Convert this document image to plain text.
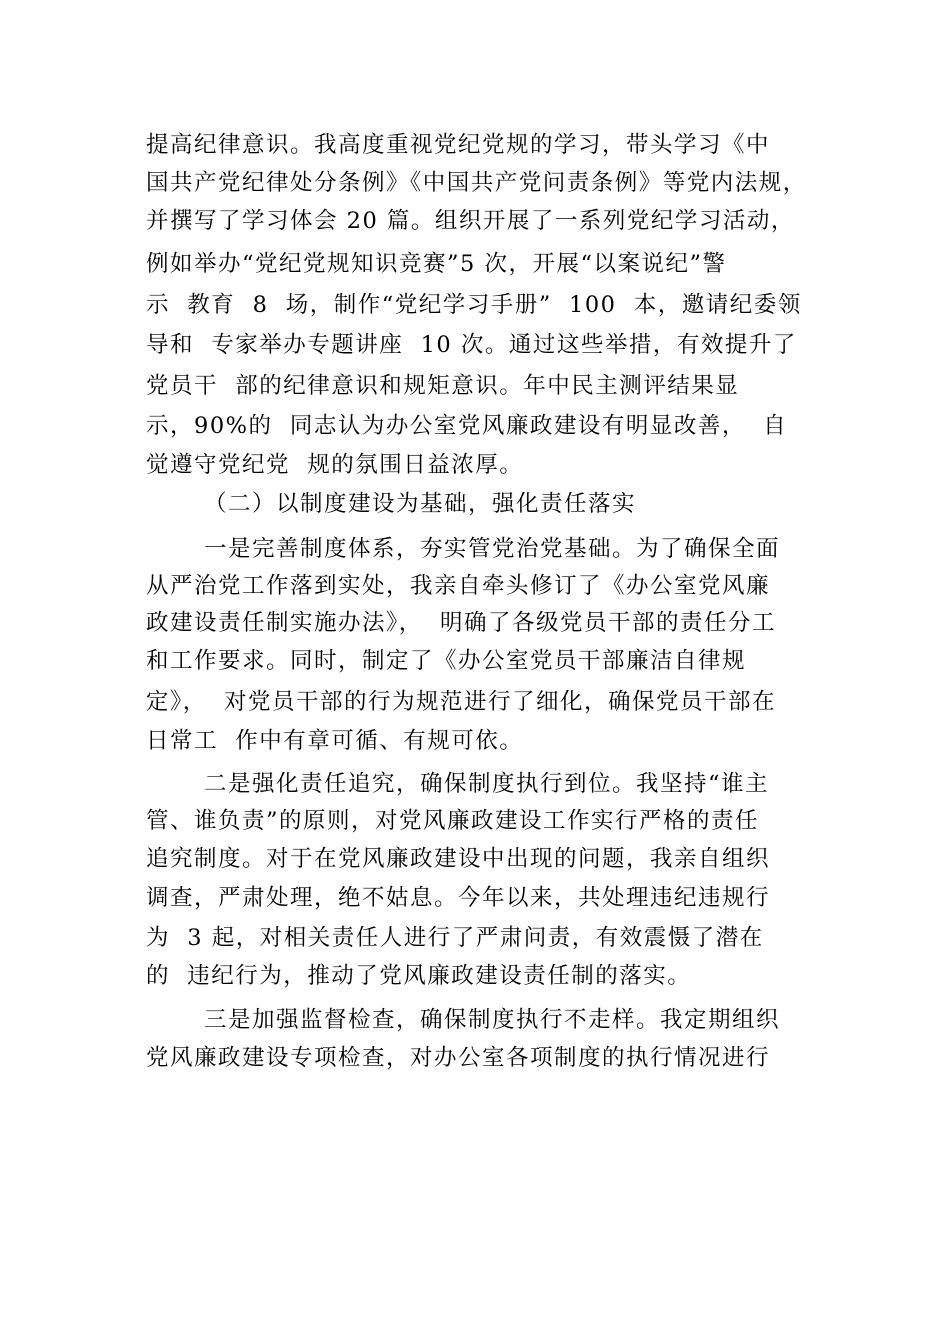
提高纪律意识。我高度重视党纪党规的学习，带头学习《中
国共产党纪律处分条例》《中国共产党问责条例》等党内法规，
并撰写了学习体会 20 篇。组织开展了一系列党纪学习活动，
例如举办“党纪党规知识竞赛”5 次，开展“以案说纪”警
示  教育  8  场，制作“党纪学习手册”  100  本，邀请纪委领
导和  专家举办专题讲座  10 次。通过这些举措，有效提升了
党员干  部的纪律意识和规矩意识。年中民主测评结果显
示，90%的  同志认为办公室党风廉政建设有明显改善，  自
觉遵守党纪党  规的氛围日益浓厚。
（二）以制度建设为基础，强化责任落实
一是完善制度体系，夯实管党治党基础。为了确保全面
从严治党工作落到实处，我亲自牵头修订了《办公室党风廉
政建设责任制实施办法》，  明确了各级党员干部的责任分工
和工作要求。同时，制定了《办公室党员干部廉洁自律规
定》，  对党员干部的行为规范进行了细化，确保党员干部在
日常工  作中有章可循、有规可依。
二是强化责任追究，确保制度执行到位。我坚持“谁主
管、谁负责”的原则，对党风廉政建设工作实行严格的责任
追究制度。对于在党风廉政建设中出现的问题，我亲自组织
调查，严肃处理，绝不姑息。今年以来，共处理违纪违规行
为  3 起，对相关责任人进行了严肃问责，有效震慑了潜在
的  违纪行为，推动了党风廉政建设责任制的落实。
三是加强监督检查，确保制度执行不走样。我定期组织
党风廉政建设专项检查，对办公室各项制度的执行情况进行
